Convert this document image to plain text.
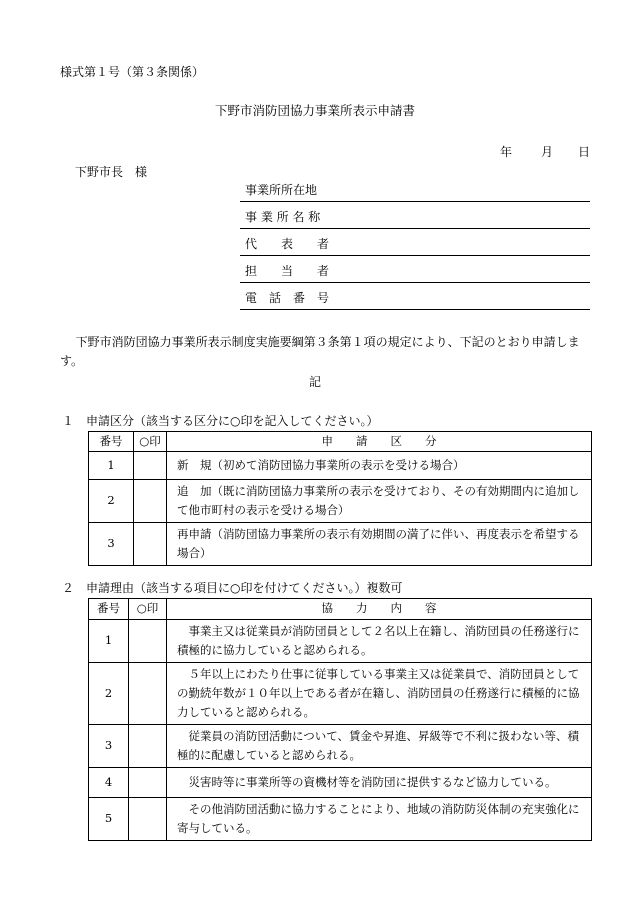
様式第１号（第３条関係）
下野市消防団協力事業所表示申請書
年 月 日
下野市長　様
事業所所在地
事 業 所 名 称
代　　表　　者
担　　当　　者
電　話　番　号
下野市消防団協力事業所表示制度実施要綱第３条第１項の規定により、下記のとおり申請します。
記
１　申請区分（該当する区分に○印を記入してください。）
番号	○印	申　　請　　区　　分
1		新　規（初めて消防団協力事業所の表示を受ける場合）
2		追　加（既に消防団協力事業所の表示を受けており、その有効期間内に追加して他市町村の表示を受ける場合）
3		再申請（消防団協力事業所の表示有効期間の満了に伴い、再度表示を希望する場合）
２　申請理由（該当する項目に○印を付けてください。）複数可
番号	○印	協　　力　　内　　容
1		事業主又は従業員が消防団員として２名以上在籍し、消防団員の任務遂行に積極的に協力していると認められる。
2		５年以上にわたり仕事に従事している事業主又は従業員で、消防団員としての勤続年数が１０年以上である者が在籍し、消防団員の任務遂行に積極的に協力していると認められる。
3		従業員の消防団活動について、賃金や昇進、昇級等で不利に扱わない等、積極的に配慮していると認められる。
4		災害時等に事業所等の資機材等を消防団に提供するなど協力している。
5		その他消防団活動に協力することにより、地域の消防防災体制の充実強化に寄与している。
